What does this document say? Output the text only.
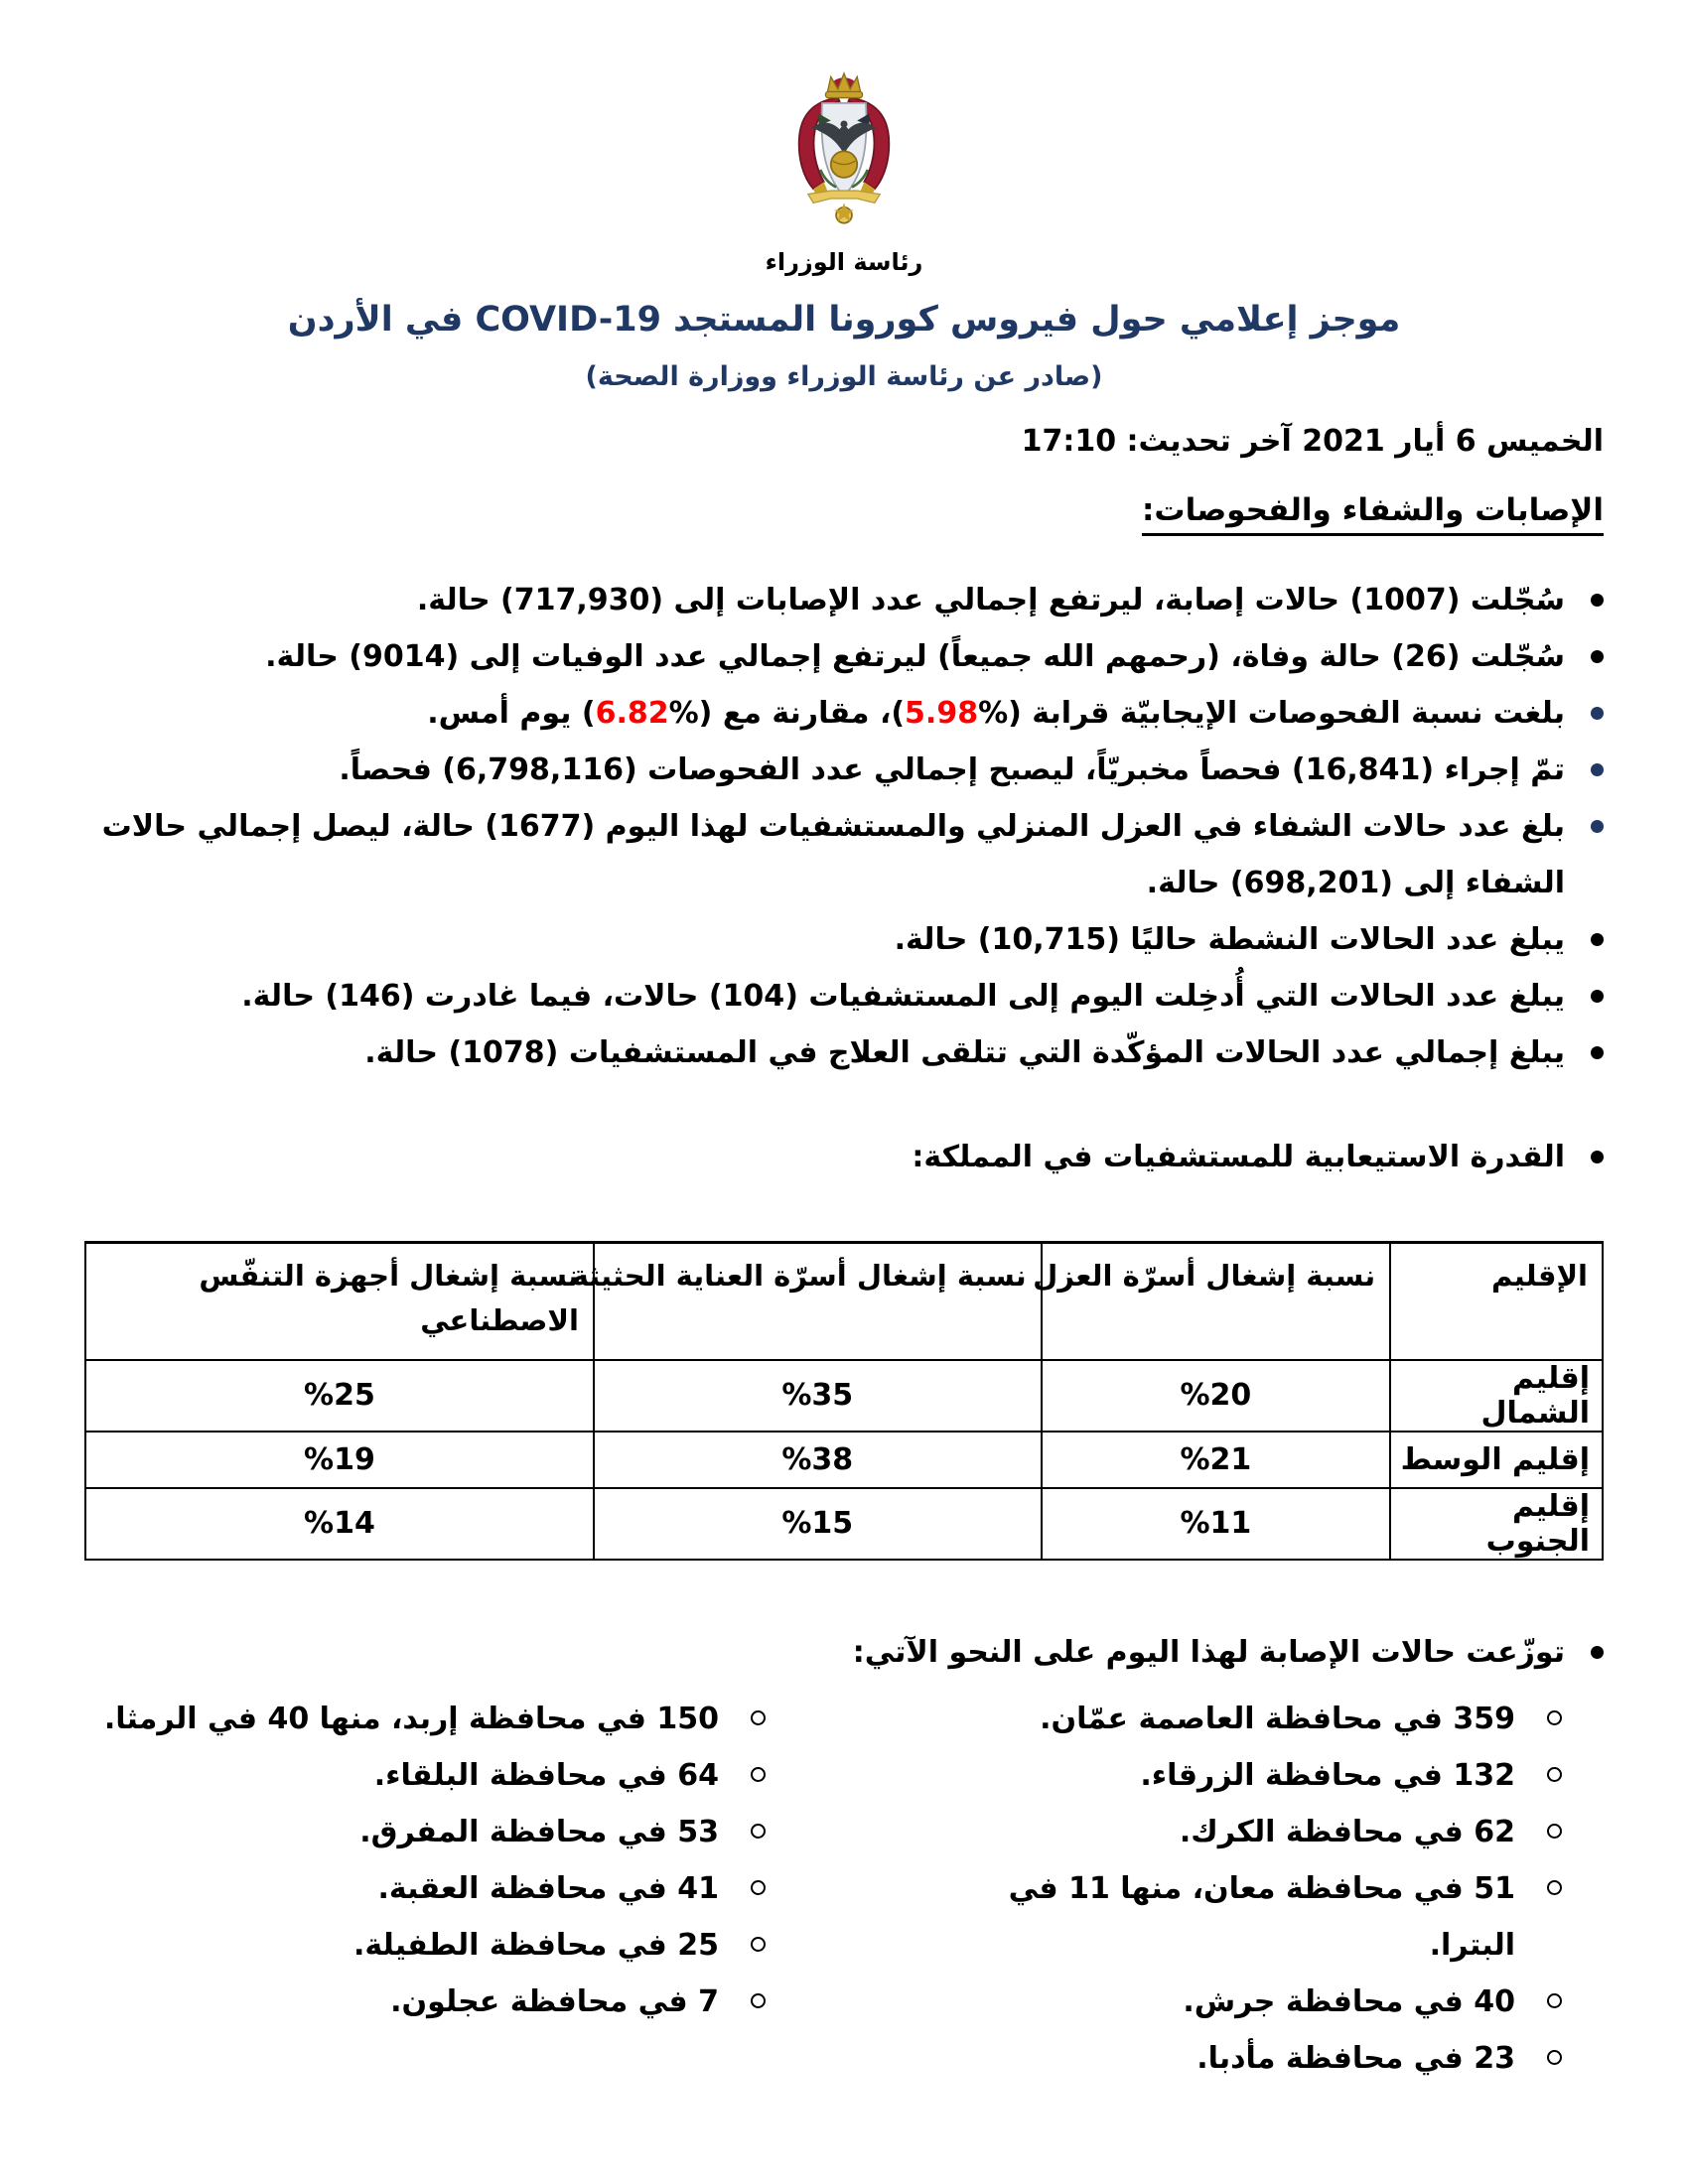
رئاسة الوزراء
موجز إعلامي حول فيروس كورونا المستجد COVID-19 في الأردن
(صادر عن رئاسة الوزراء ووزارة الصحة)
الخميس 6 أيار 2021 آخر تحديث: 17:10
الإصابات والشفاء والفحوصات:
سُجّلت (1007) حالات إصابة، ليرتفع إجمالي عدد الإصابات إلى (717,930) حالة.
سُجّلت (26) حالة وفاة، (رحمهم الله جميعاً) ليرتفع إجمالي عدد الوفيات إلى (9014) حالة.
بلغت نسبة الفحوصات الإيجابيّة قرابة (%5.98)، مقارنة مع (%6.82) يوم أمس.
تمّ إجراء (16,841) فحصاً مخبريّاً، ليصبح إجمالي عدد الفحوصات (6,798,116) فحصاً.
بلغ عدد حالات الشفاء في العزل المنزلي والمستشفيات لهذا اليوم (1677) حالة، ليصل إجمالي حالات الشفاء إلى (698,201) حالة.
يبلغ عدد الحالات النشطة حاليًا (10,715) حالة.
يبلغ عدد الحالات التي أُدخِلت اليوم إلى المستشفيات (104) حالات، فيما غادرت (146) حالة.
يبلغ إجمالي عدد الحالات المؤكّدة التي تتلقى العلاج في المستشفيات (1078) حالة.
القدرة الاستيعابية للمستشفيات في المملكة:
الإقليم	نسبة إشغال أسرّة العزل	نسبة إشغال أسرّة العناية الحثيثة	نسبة إشغال أجهزة التنفّس الاصطناعي
إقليم الشمال	%20	%35	%25
إقليم الوسط	%21	%38	%19
إقليم الجنوب	%11	%15	%14
توزّعت حالات الإصابة لهذا اليوم على النحو الآتي:
359 في محافظة العاصمة عمّان.
132 في محافظة الزرقاء.
62 في محافظة الكرك.
51 في محافظة معان، منها 11 في البترا.
40 في محافظة جرش.
23 في محافظة مأدبا.
150 في محافظة إربد، منها 40 في الرمثا.
64 في محافظة البلقاء.
53 في محافظة المفرق.
41 في محافظة العقبة.
25 في محافظة الطفيلة.
7 في محافظة عجلون.
